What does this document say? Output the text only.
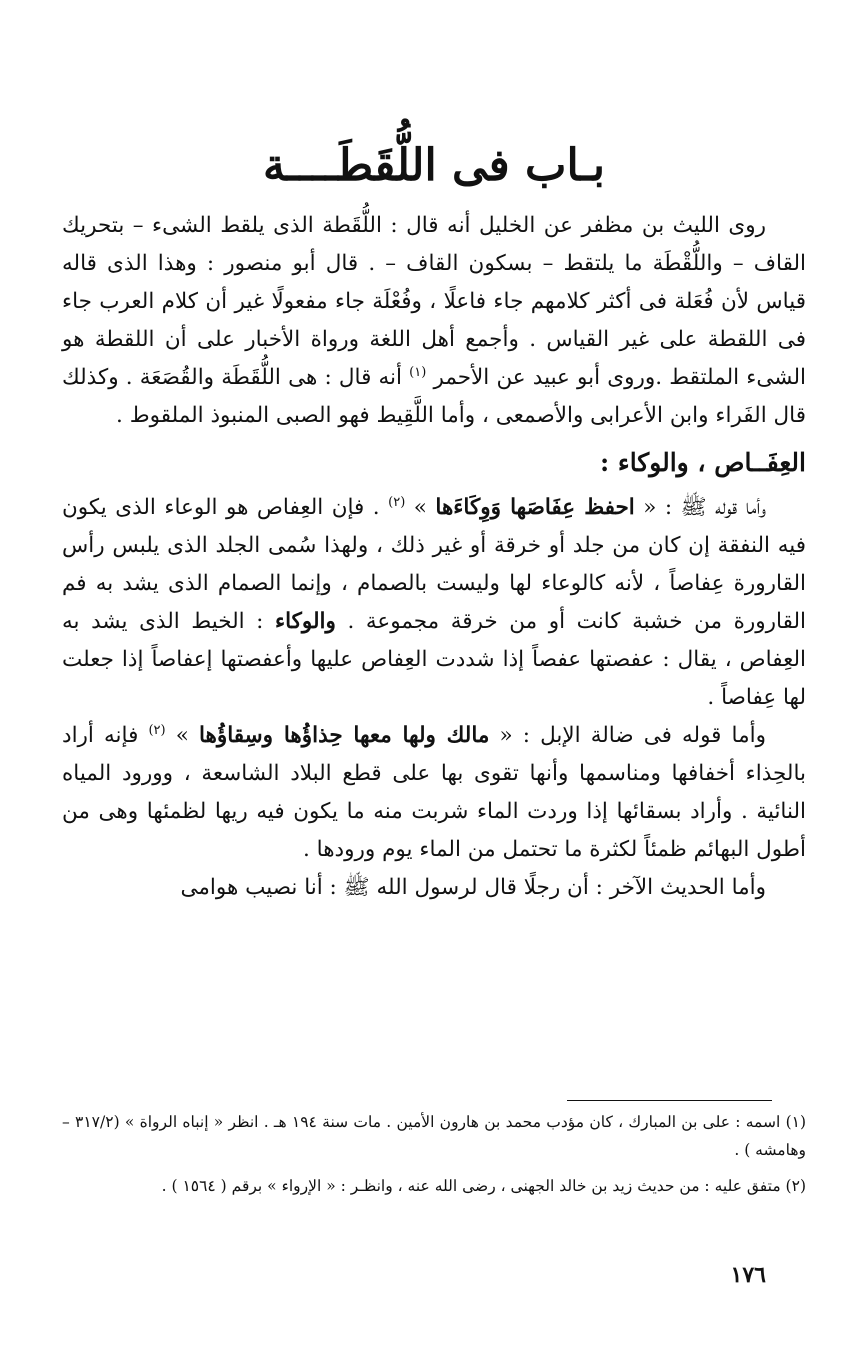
بـاب فى اللُّقَطَــــة

روى الليث بن مظفر عن الخليل أنه قال : اللُّقَطة الذى يلقط الشىء – بتحريك القاف – واللُّقْطَة ما يلتقط – بسكون القاف – . قال أبو منصور : وهذا الذى قاله قياس لأن فُعَلة فى أكثر كلامهم جاء فاعلًا ، وفُعْلَة جاء مفعولًا غير أن كلام العرب جاء فى اللقطة على غير القياس . وأجمع أهل اللغة ورواة الأخبار على أن اللقطة هو الشىء الملتقط .وروى أبو عبيد عن الأحمر $^{(١)}$ أنه قال : هى اللُّقَطَة والقُصَعَة . وكذلك قال الفَراء وابن الأعرابى والأصمعى ، وأما اللَّقِيط فهو الصبى المنبوذ الملقوط .

العِفَــاص ، والوكاء :

وأما قوله ﷺ : « احفظ عِفَاصَها وَوِكَاءَها » $^{(٢)}$ . فإن العِفاص هو الوعاء الذى يكون فيه النفقة إن كان من جلد أو خرقة أو غير ذلك ، ولهذا سُمى الجلد الذى يلبس رأس القارورة عِفاصاً ، لأنه كالوعاء لها وليست بالصمام ، وإنما الصمام الذى يشد به فم القارورة من خشبة كانت أو من خرقة مجموعة . والوكاء : الخيط الذى يشد به العِفاص ، يقال : عفصتها عفصاً إذا شددت العِفاص عليها وأعفصتها إعفاصاً إذا جعلت لها عِفاصاً .

وأما قوله فى ضالة الإبل : « مالك ولها معها حِذاؤُها وسِقاؤُها » $^{(٢)}$ فإنه أراد بالحِذاء أخفافها ومناسمها وأنها تقوى بها على قطع البلاد الشاسعة ، وورود المياه النائية . وأراد بسقائها إذا وردت الماء شربت منه ما يكون فيه ريها لظمئها وهى من أطول البهائم ظمئاً لكثرة ما تحتمل من الماء يوم ورودها .

وأما الحديث الآخر : أن رجلًا قال لرسول الله ﷺ : أنا نصيب هوامى

(١) اسمه : على بن المبارك ، كان مؤدب محمد بن هارون الأمين . مات سنة ١٩٤ هـ . انظر « إنباه الرواة » (٣١٧/٢ – وهامشه ) .

(٢) متفق عليه : من حديث زيد بن خالد الجهنى ، رضى الله عنه ، وانظـر : « الإرواء » برقم ( ١٥٦٤ ) .

١٧٦
